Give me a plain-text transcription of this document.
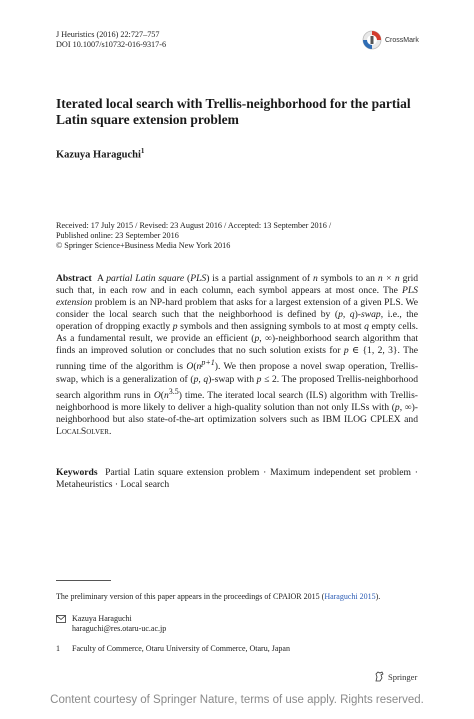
J Heuristics (2016) 22:727–757
DOI 10.1007/s10732-016-9317-6	CrossMark
Iterated local search with Trellis-neighborhood for the partial Latin square extension problem
Kazuya Haraguchi$^1$
Received: 17 July 2015 / Revised: 23 August 2016 / Accepted: 13 September 2016 /
Published online: 23 September 2016
© Springer Science+Business Media New York 2016

Abstract A partial Latin square (PLS) is a partial assignment of n symbols to an n × n grid such that, in each row and in each column, each symbol appears at most once. The PLS extension problem is an NP-hard problem that asks for a largest extension of a given PLS. We consider the local search such that the neighborhood is defined by (p, q)-swap, i.e., the operation of dropping exactly p symbols and then assigning symbols to at most q empty cells. As a fundamental result, we provide an efficient (p, ∞)-neighborhood search algorithm that finds an improved solution or concludes that no such solution exists for p ∈ {1, 2, 3}. The running time of the algorithm is $O(n^{p+1})$. We then propose a novel swap operation, Trellis-swap, which is a generalization of (p, q)-swap with p ≤ 2. The proposed Trellis-neighborhood search algorithm runs in $O(n^{3.5})$ time. The iterated local search (ILS) algorithm with Trellis-neighborhood is more likely to deliver a high-quality solution than not only ILSs with (p, ∞)-neighborhood but also state-of-the-art optimization solvers such as IBM ILOG CPLEX and LocalSolver.

Keywords Partial Latin square extension problem · Maximum independent set problem · Metaheuristics · Local search

The preliminary version of this paper appears in the proceedings of CPAIOR 2015 (Haraguchi 2015).
Kazuya Haraguchi
haraguchi@res.otaru-uc.ac.jp
1 Faculty of Commerce, Otaru University of Commerce, Otaru, Japan
Springer
Content courtesy of Springer Nature, terms of use apply. Rights reserved.
